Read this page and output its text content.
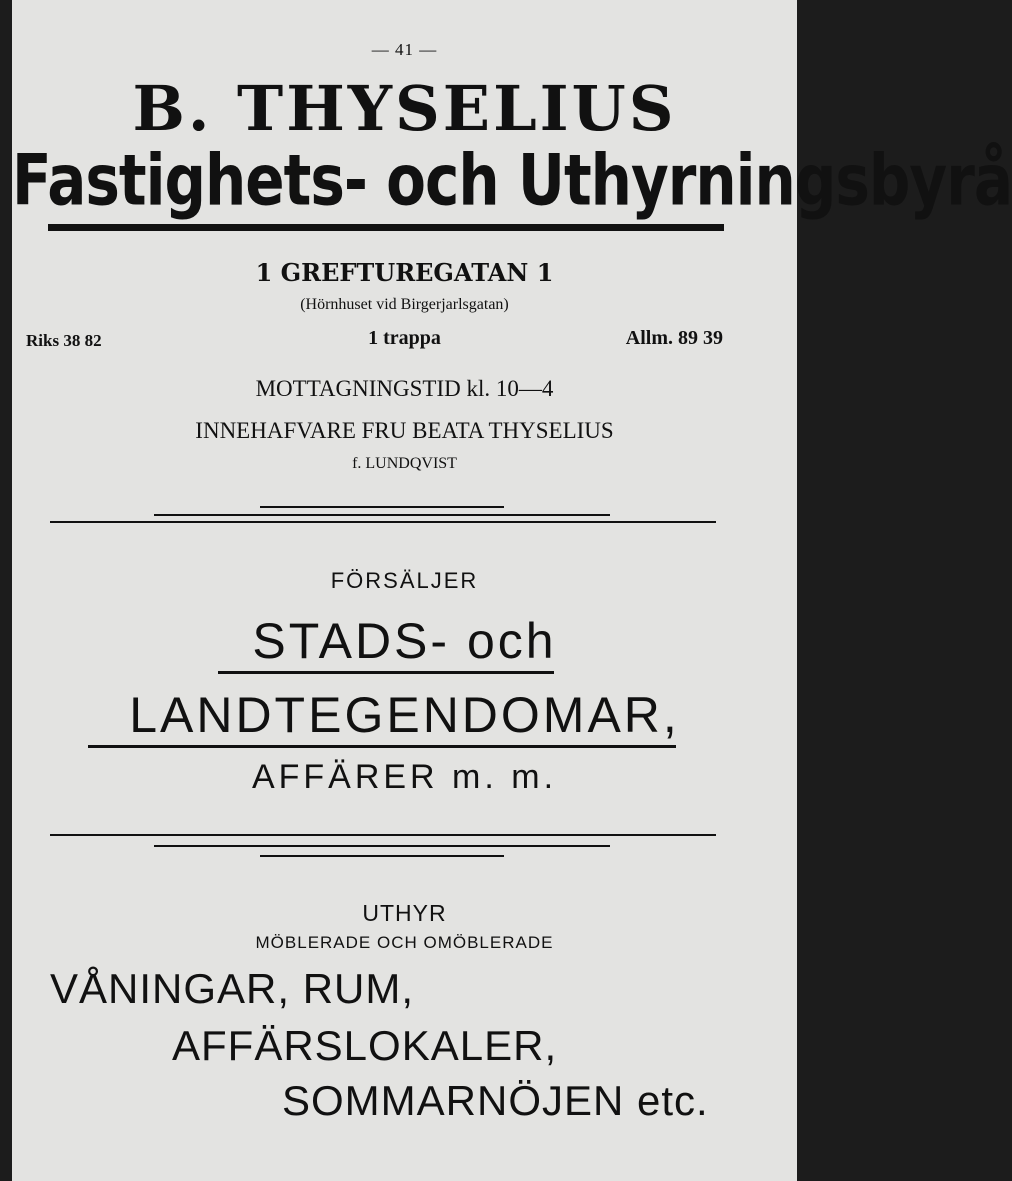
— 41 —
B. THYSELIUS
Fastighets- och Uthyrningsbyrå
1 GREFTUREGATAN 1
(Hörnhuset vid Birgerjarlsgatan)
Riks 38 82	1 trappa	Allm. 89 39
MOTTAGNINGSTID kl. 10—4
INNEHAFVARE FRU BEATA THYSELIUS
f. LUNDQVIST
FÖRSÄLJER
STADS- och
LANDTEGENDOMAR,
AFFÄRER m. m.
UTHYR
MÖBLERADE OCH OMÖBLERADE
VÅNINGAR, RUM,
AFFÄRSLOKALER,
SOMMARNÖJEN etc.
